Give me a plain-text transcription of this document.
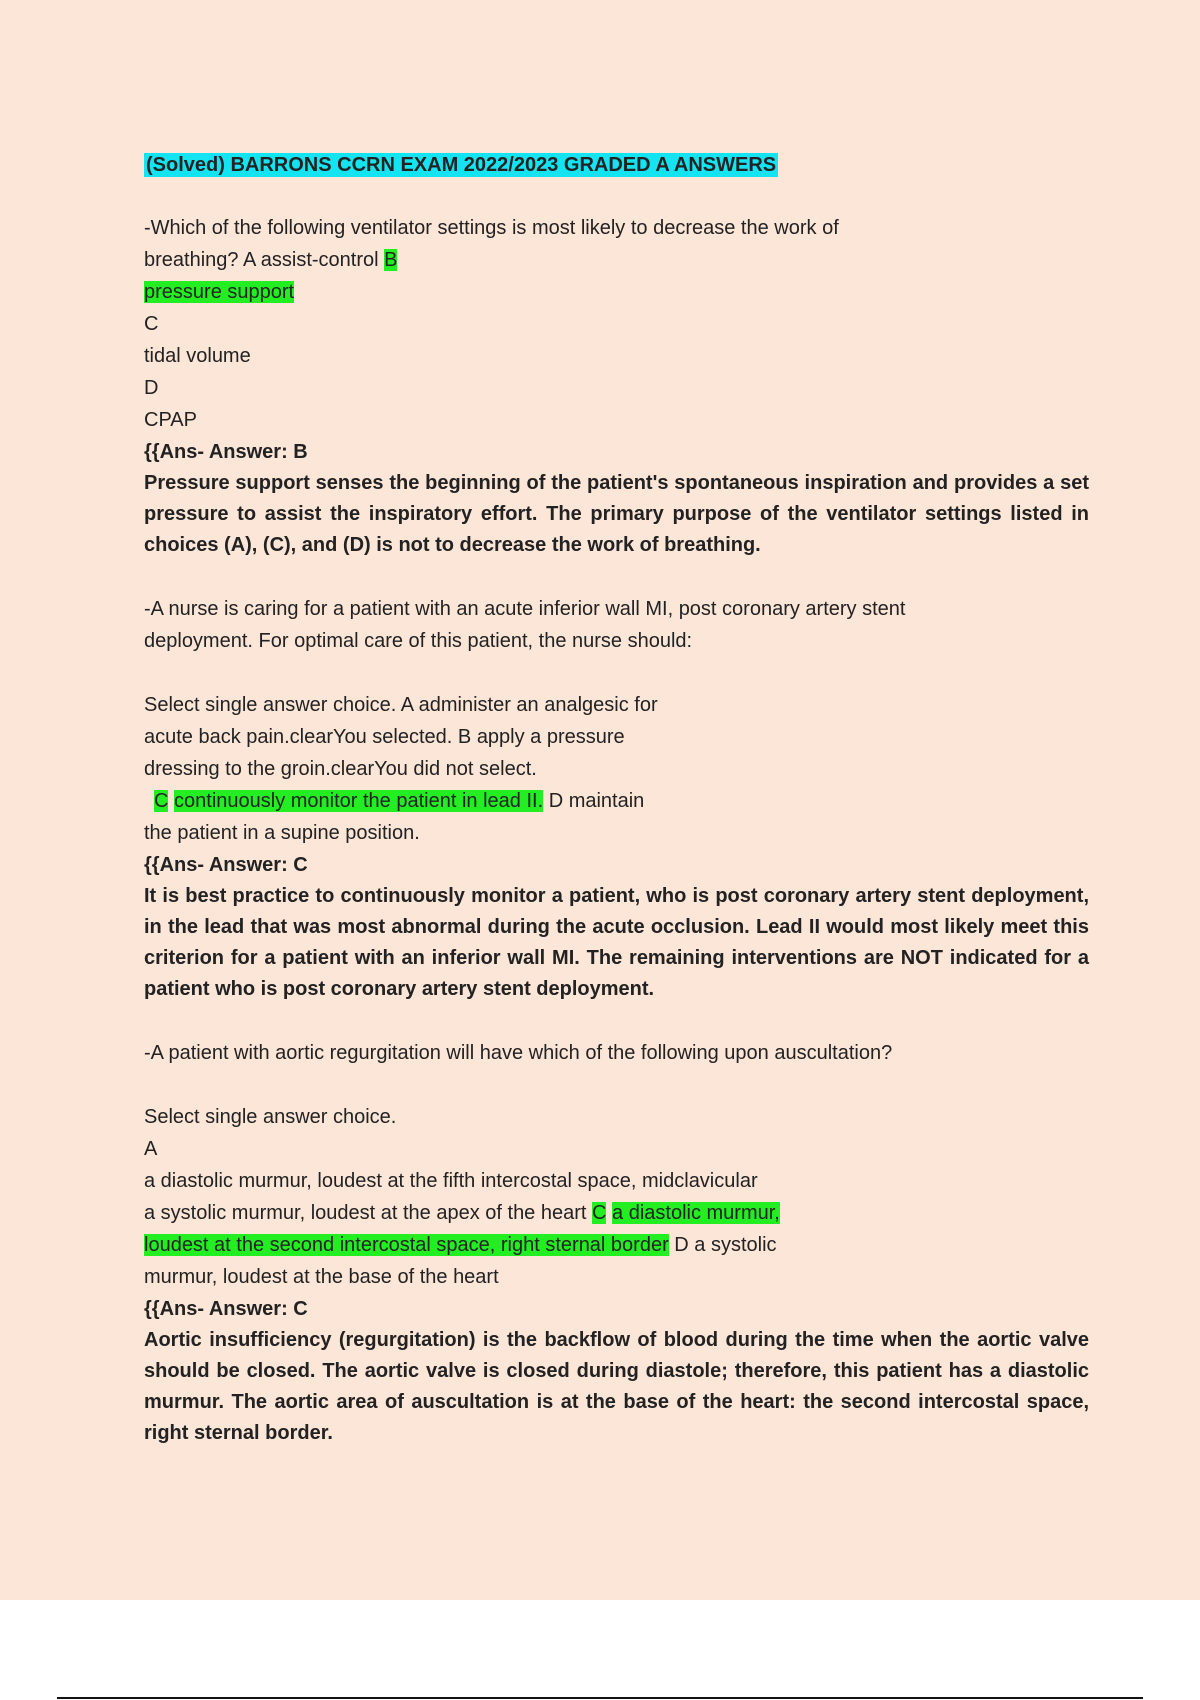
(Solved) BARRONS CCRN EXAM 2022/2023 GRADED A ANSWERS
-Which of the following ventilator settings is most likely to decrease the work of
breathing? A assist-control B
pressure support
C
tidal volume
D
CPAP
{{Ans- Answer: B
Pressure support senses the beginning of the patient's spontaneous inspiration and provides a set pressure to assist the inspiratory effort. The primary purpose of the ventilator settings listed in choices (A), (C), and (D) is not to decrease the work of breathing.
-A nurse is caring for a patient with an acute inferior wall MI, post coronary artery stent
deployment. For optimal care of this patient, the nurse should:
Select single answer choice. A administer an analgesic for
acute back pain.clearYou selected. B apply a pressure
dressing to the groin.clearYou did not select.
C continuously monitor the patient in lead II. D maintain
the patient in a supine position.
{{Ans- Answer: C
It is best practice to continuously monitor a patient, who is post coronary artery stent deployment, in the lead that was most abnormal during the acute occlusion. Lead II would most likely meet this criterion for a patient with an inferior wall MI. The remaining interventions are NOT indicated for a patient who is post coronary artery stent deployment.
-A patient with aortic regurgitation will have which of the following upon auscultation?
Select single answer choice.
A
a diastolic murmur, loudest at the fifth intercostal space, midclavicular
a systolic murmur, loudest at the apex of the heart C a diastolic murmur,
loudest at the second intercostal space, right sternal border D a systolic
murmur, loudest at the base of the heart
{{Ans- Answer: C
Aortic insufficiency (regurgitation) is the backflow of blood during the time when the aortic valve should be closed. The aortic valve is closed during diastole; therefore, this patient has a diastolic murmur. The aortic area of auscultation is at the base of the heart: the second intercostal space, right sternal border.
